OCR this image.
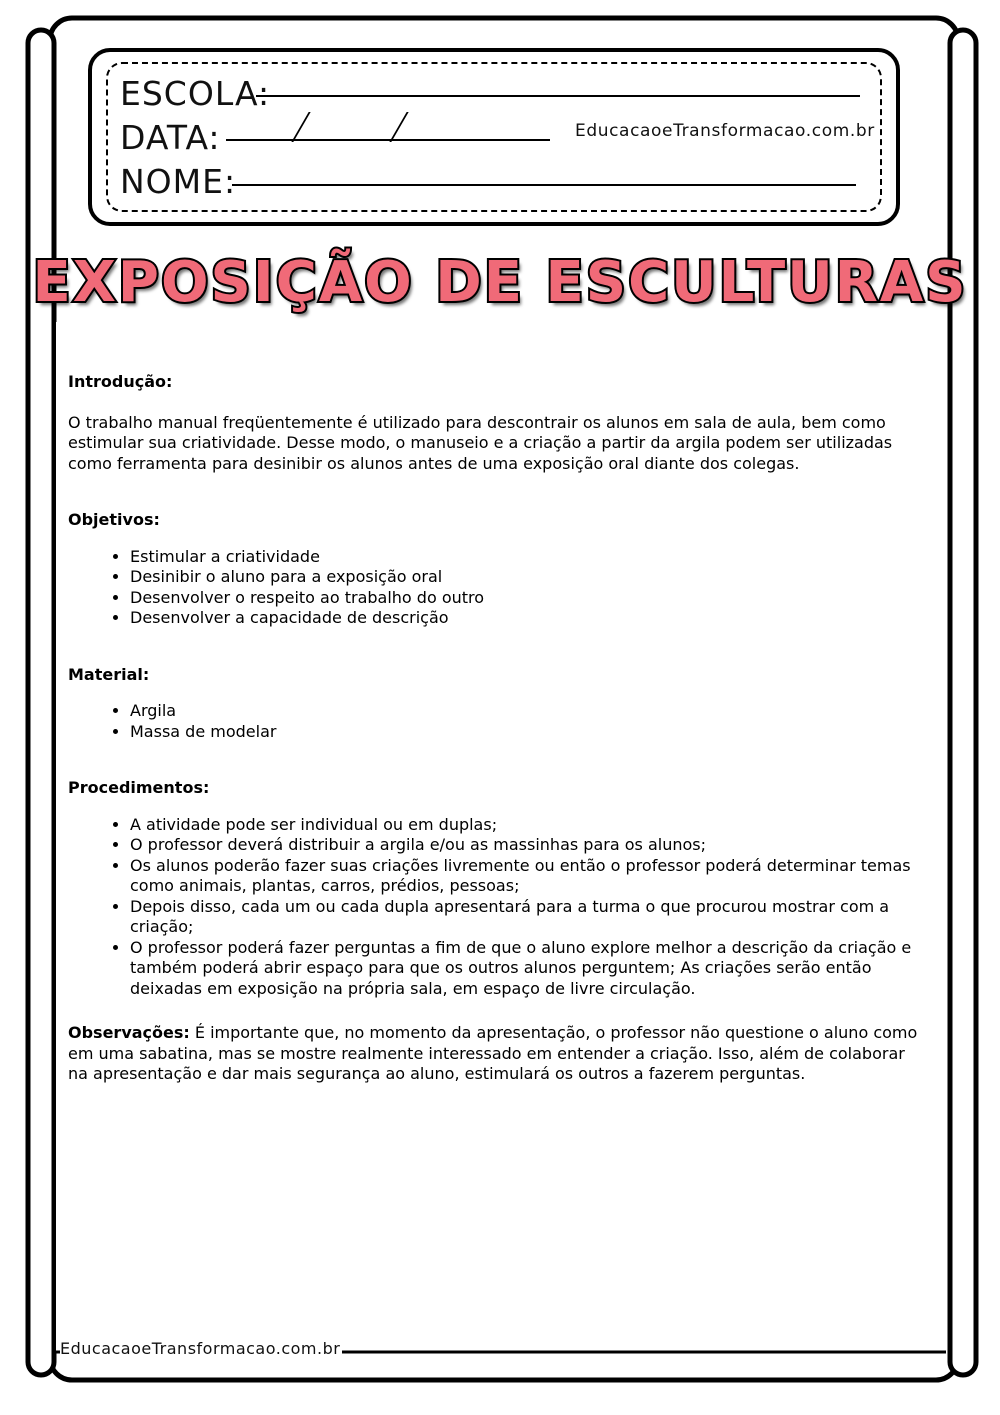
ESCOLA:
DATA:	EducacaoeTransformacao.com.br
NOME:
EXPOSIÇÃO DE ESCULTURAS
Introdução:

O trabalho manual freqüentemente é utilizado para descontrair os alunos em sala de aula, bem como estimular sua criatividade. Desse modo, o manuseio e a criação a partir da argila podem ser utilizadas como ferramenta para desinibir os alunos antes de uma exposição oral diante dos colegas.

Objetivos:
• Estimular a criatividade
• Desinibir o aluno para a exposição oral
• Desenvolver o respeito ao trabalho do outro
• Desenvolver a capacidade de descrição
Material:
• Argila
• Massa de modelar
Procedimentos:
• A atividade pode ser individual ou em duplas;
• O professor deverá distribuir a argila e/ou as massinhas para os alunos;
• Os alunos poderão fazer suas criações livremente ou então o professor poderá determinar temas como animais, plantas, carros, prédios, pessoas;
• Depois disso, cada um ou cada dupla apresentará para a turma o que procurou mostrar com a criação;
• O professor poderá fazer perguntas a fim de que o aluno explore melhor a descrição da criação e também poderá abrir espaço para que os outros alunos perguntem; As criações serão então deixadas em exposição na própria sala, em espaço de livre circulação.

Observações: É importante que, no momento da apresentação, o professor não questione o aluno como em uma sabatina, mas se mostre realmente interessado em entender a criação. Isso, além de colaborar na apresentação e dar mais segurança ao aluno, estimulará os outros a fazerem perguntas.

EducacaoeTransformacao.com.br
